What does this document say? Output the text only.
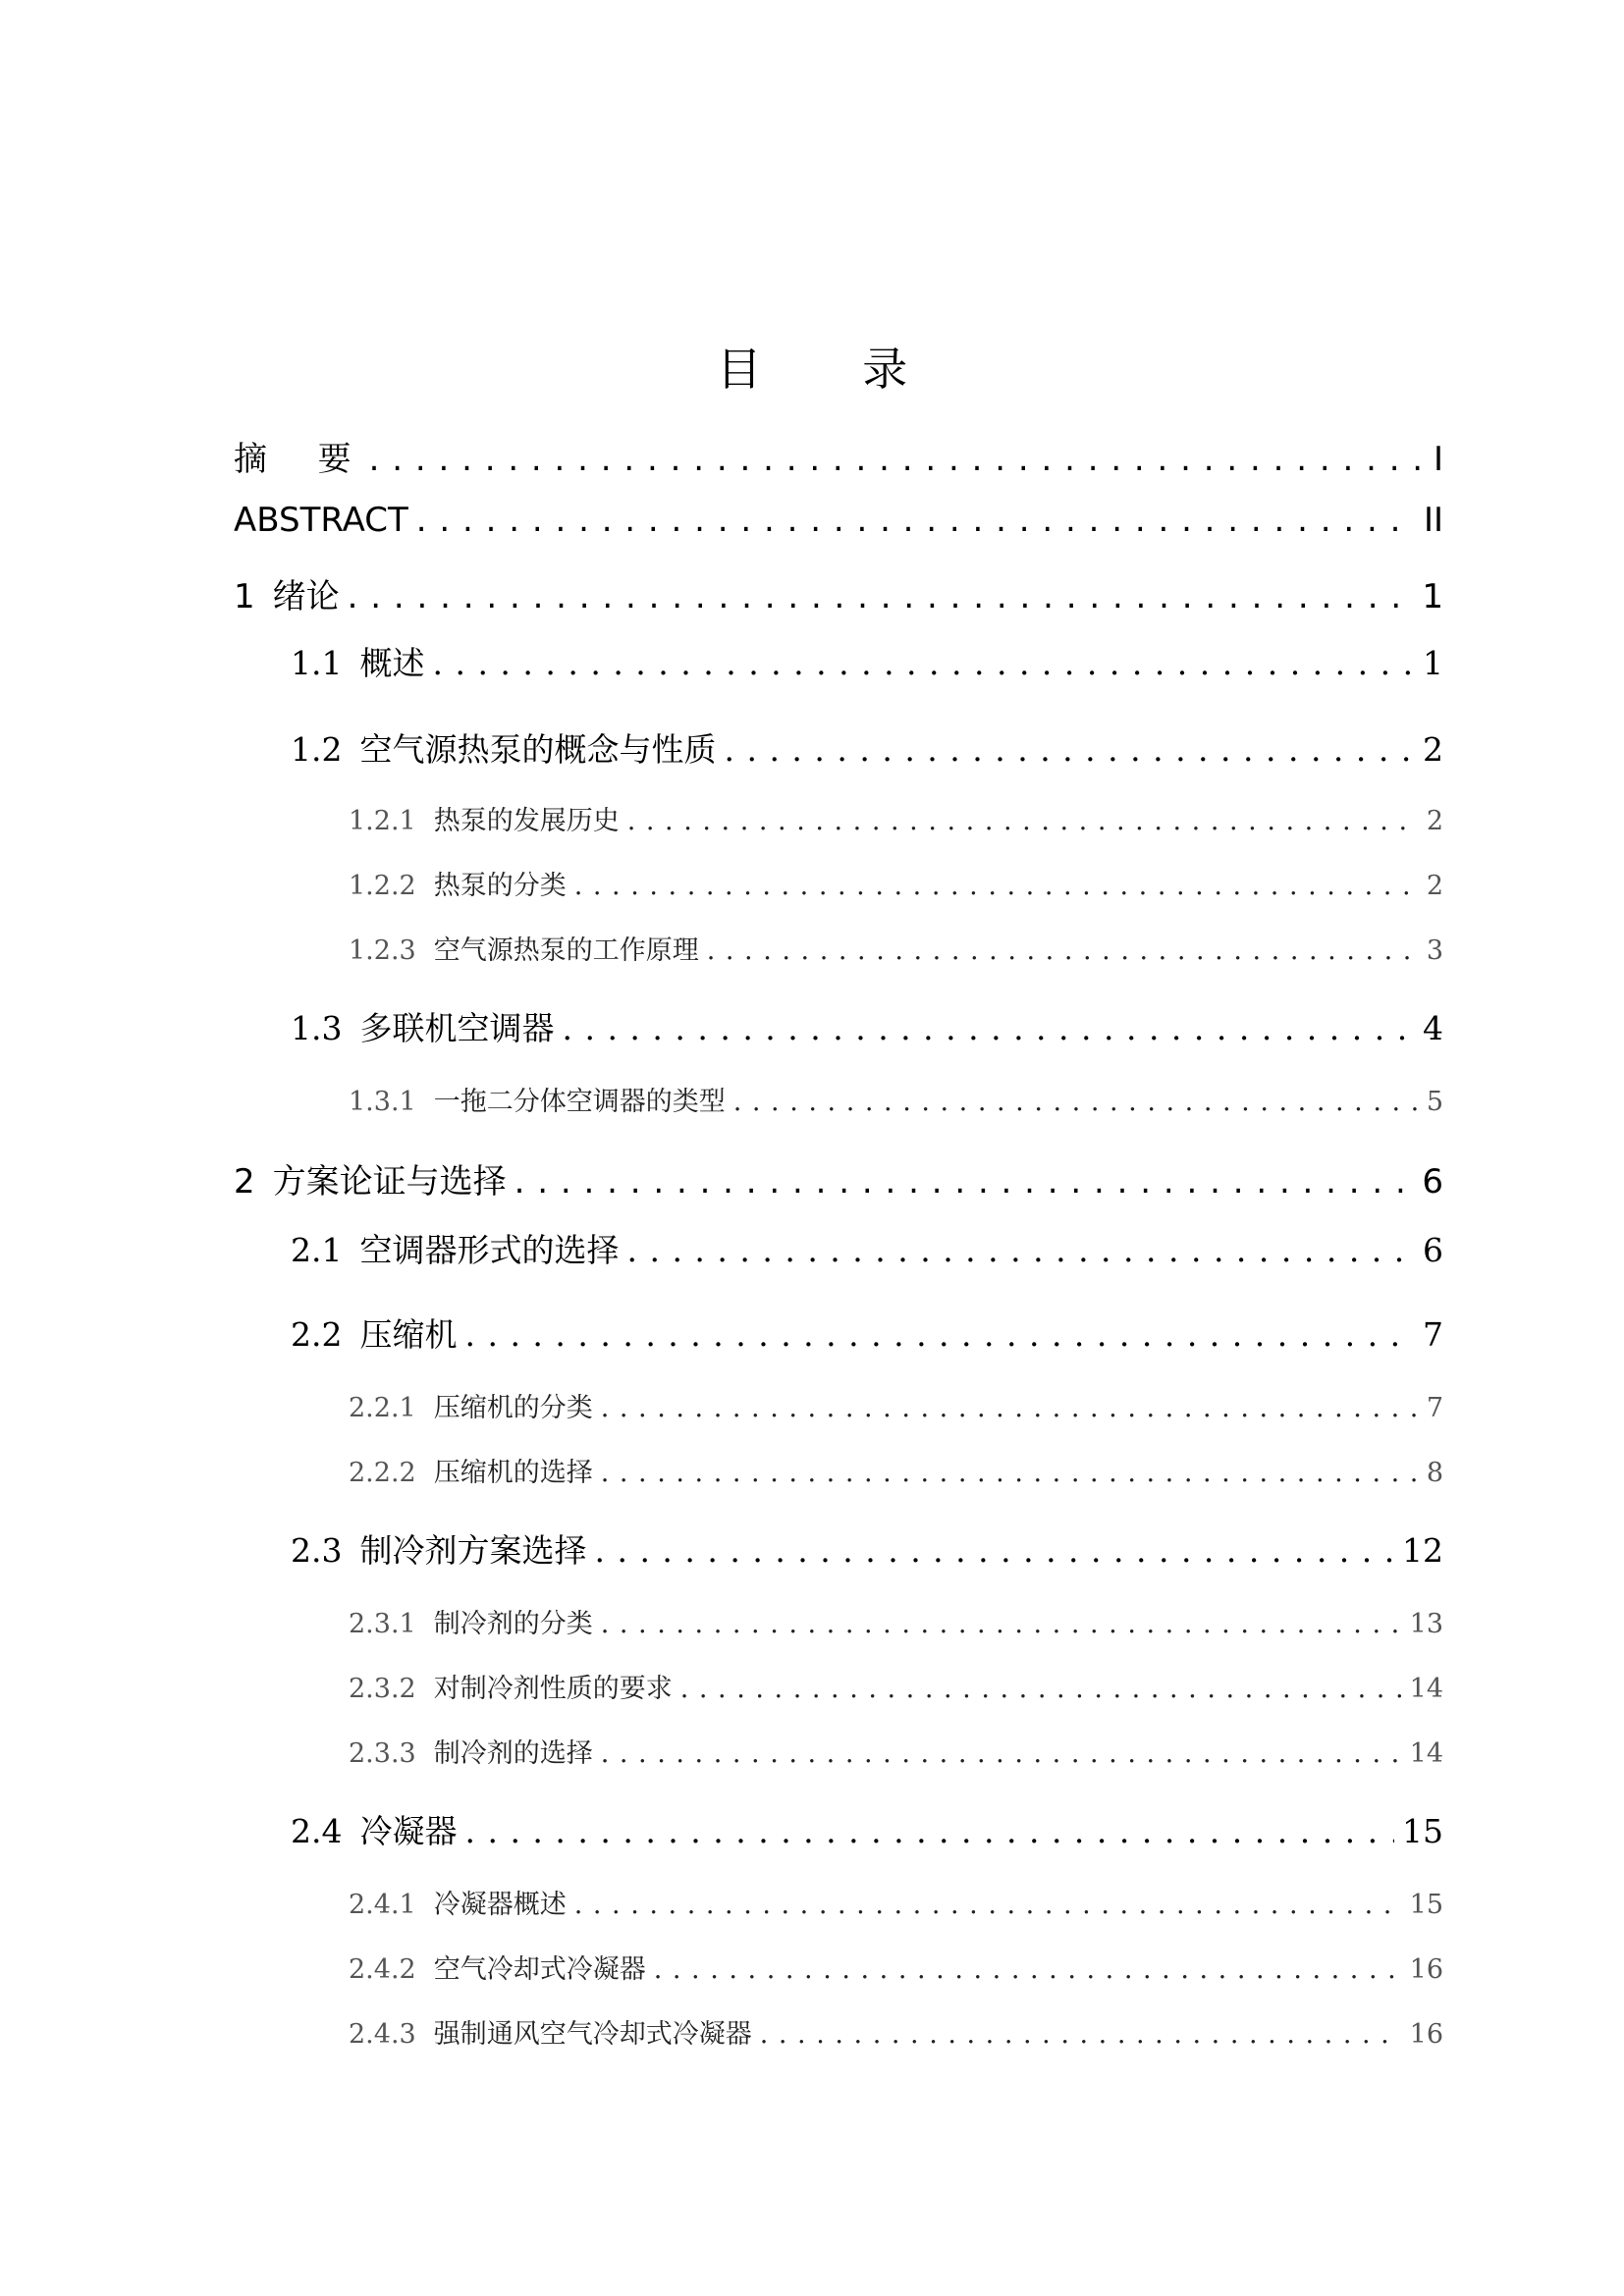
目 录
摘  要 . . .	I
ABSTRACT . . .	II
1 绪论 . . .	1
1.1 概述 . . .	1
1.2 空气源热泵的概念与性质 . . .	2
1.2.1 热泵的发展历史 . . .	2
1.2.2 热泵的分类 . . .	2
1.2.3 空气源热泵的工作原理 . . .	3
1.3 多联机空调器 . . .	4
1.3.1 一拖二分体空调器的类型 . . .	5
2 方案论证与选择 . . .	6
2.1 空调器形式的选择 . . .	6
2.2 压缩机 . . .	7
2.2.1 压缩机的分类 . . .	7
2.2.2 压缩机的选择 . . .	8
2.3 制冷剂方案选择 . . .	12
2.3.1 制冷剂的分类 . . .	13
2.3.2 对制冷剂性质的要求 . . .	14
2.3.3 制冷剂的选择 . . .	14
2.4 冷凝器 . . .	15
2.4.1 冷凝器概述 . . .	15
2.4.2 空气冷却式冷凝器 . . .	16
2.4.3 强制通风空气冷却式冷凝器 . . .	16
